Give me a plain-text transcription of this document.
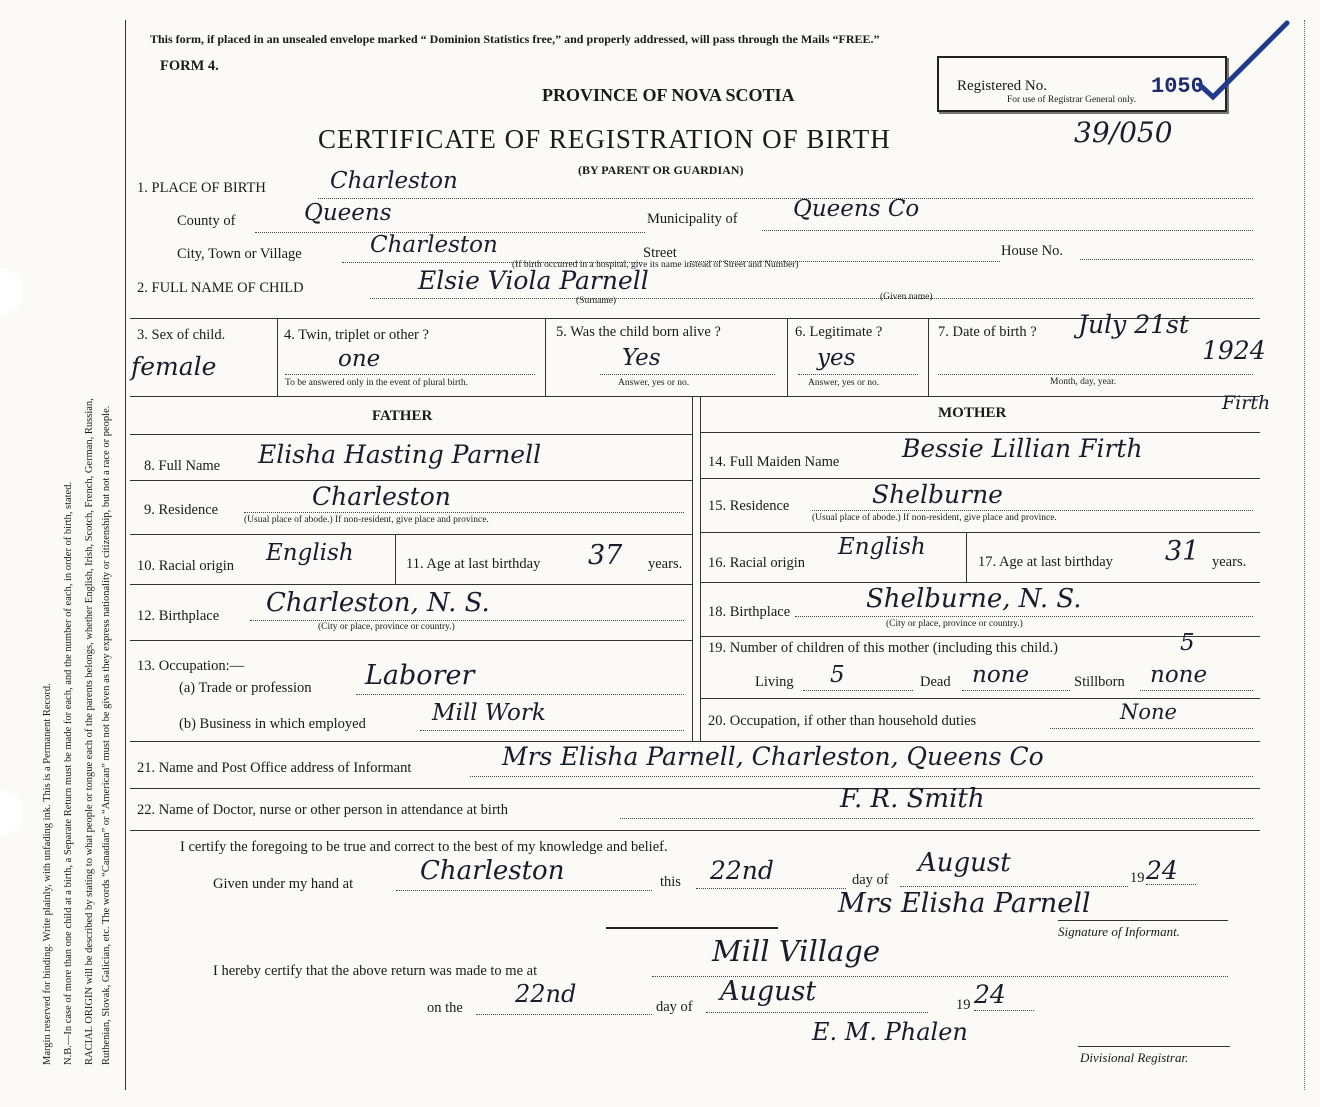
Margin reserved for binding. Write plainly, with unfading ink. This is a Permanent Record. N.B.—In case of more than one child at a birth, a Separate Return must be made for each, and the number of each, in order of birth, stated. RACIAL ORIGIN will be described by stating to what people or tongue each of the parents belongs, whether English, Irish, Scotch, French, German, Russian, Ruthenian, Slovak, Galician, etc. The words “Canadian” or “American” must not be given as they express nationality or citizenship, but not a race or people.
This form, if placed in an unsealed envelope marked “ Dominion Statistics free,” and properly addressed, will pass through the Mails “FREE.”
FORM 4.
PROVINCE OF NOVA SCOTIA
CERTIFICATE OF REGISTRATION OF BIRTH	39/050
(BY PARENT OR GUARDIAN)
Registered No.	1050
For use of Registrar General only.
1. PLACE OF BIRTH	Charleston
County of	Queens	Municipality of Queens Co
City, Town or Village	Charleston	Street	House No.
(If birth occurred in a hospital, give its name instead of Street and Number)
2. FULL NAME OF CHILD	Elsie Viola Parnell
(Surname)	(Given name)
3. Sex of child.
female
4. Twin, triplet or other ?
one
To be answered only in the event of plural birth.
5. Was the child born alive ?
Yes
Answer, yes or no.
6. Legitimate ?
yes
Answer, yes or no.
7. Date of birth ? July 21st
1924
Month, day, year.
FATHER
8. Full Name Elisha Hasting Parnell
9. Residence	Charleston
(Usual place of abode.) If non-resident, give place and province.
10. Racial origin English	11. Age at last birthday 37 years.
12. Birthplace Charleston, N. S.
(City or place, province or country.)
13. Occupation:—
(a) Trade or profession Laborer
(b) Business in which employed	Mill Work
MOTHER	Firth
14. Full Maiden Name	Bessie Lillian Firth
15. Residence	Shelburne
(Usual place of abode.) If non-resident, give place and province.
16. Racial origin
English
17. Age at last birthday 31 years.
18. Birthplace	Shelburne, N. S.
(City or place, province or country.)
19. Number of children of this mother (including this child.)	5
Living 5	Dead none	Stillborn none
20. Occupation, if other than household duties	None
21. Name and Post Office address of Informant	Mrs Elisha Parnell, Charleston, Queens Co
22. Name of Doctor, nurse or other person in attendance at birth	F. R. Smith
I certify the foregoing to be true and correct to the best of my knowledge and belief.
Given under my hand at	Charleston	this 22nd	day of
August	19 24
Mrs Elisha Parnell
Signature of Informant.
I hereby certify that the above return was made to me at
Mill Village
on the 22nd	day of August	19 24
E. M. Phalen
Divisional Registrar.
